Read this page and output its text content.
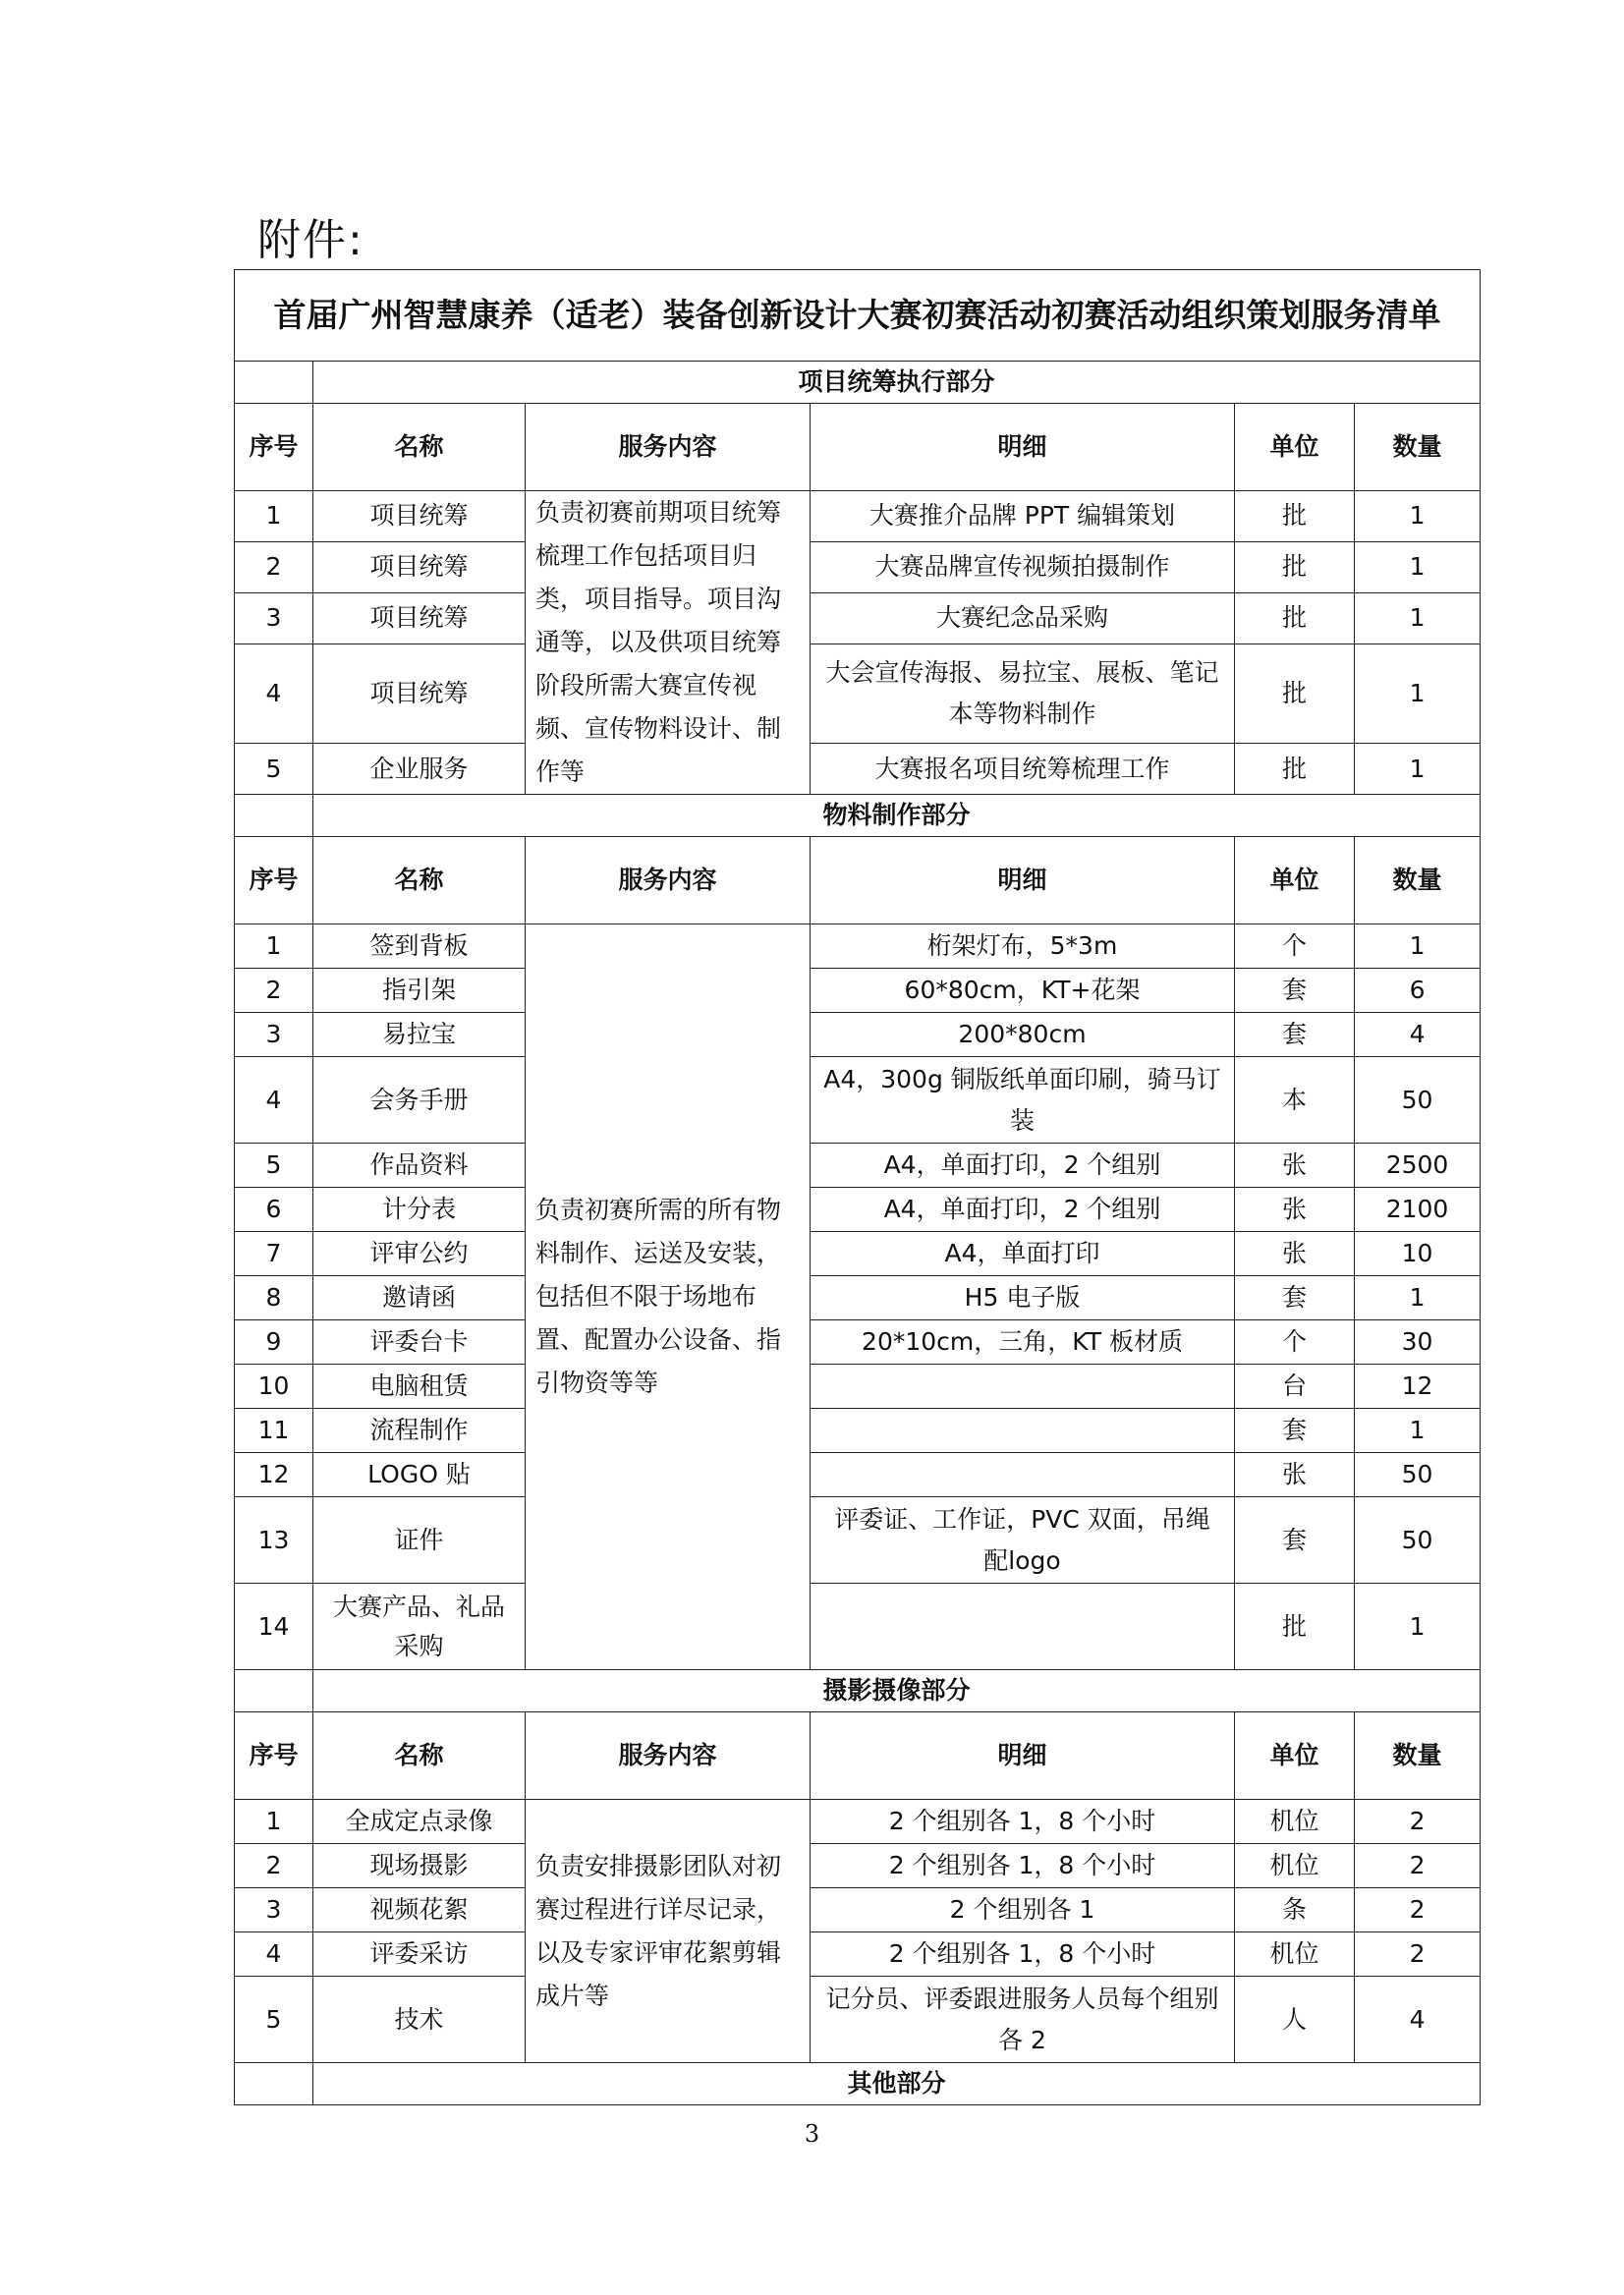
附件:
首届广州智慧康养（适老）装备创新设计大赛初赛活动初赛活动组织策划服务清单					
	项目统筹执行部分				
序号	名称	服务内容	明细	单位	数量
1	项目统筹	负责初赛前期项目统筹梳理工作包括项目归类，项目指导。项目沟通等，以及供项目统筹阶段所需大赛宣传视频、宣传物料设计、制作等	大赛推介品牌 PPT 编辑策划	批	1
2	项目统筹		大赛品牌宣传视频拍摄制作	批	1
3	项目统筹		大赛纪念品采购	批	1
4	项目统筹		大会宣传海报、易拉宝、展板、笔记本等物料制作	批	1
5	企业服务		大赛报名项目统筹梳理工作	批	1
	物料制作部分				
序号	名称	服务内容	明细	单位	数量
1	签到背板	负责初赛所需的所有物料制作、运送及安装，包括但不限于场地布置、配置办公设备、指引物资等等	桁架灯布，5*3m	个	1
2	指引架		60*80cm，KT+花架	套	6
3	易拉宝		200*80cm	套	4
4	会务手册		A4，300g 铜版纸单面印刷，骑马订装	本	50
5	作品资料		A4，单面打印，2 个组别	张	2500
6	计分表		A4，单面打印，2 个组别	张	2100
7	评审公约		A4，单面打印	张	10
8	邀请函		H5 电子版	套	1
9	评委台卡		20*10cm，三角，KT 板材质	个	30
10	电脑租赁			台	12
11	流程制作			套	1
12	LOGO 贴			张	50
13	证件		评委证、工作证，PVC 双面，吊绳配logo	套	50
14	大赛产品、礼品采购			批	1
	摄影摄像部分				
序号	名称	服务内容	明细	单位	数量
1	全成定点录像	负责安排摄影团队对初赛过程进行详尽记录，以及专家评审花絮剪辑成片等	2 个组别各 1，8 个小时	机位	2
2	现场摄影		2 个组别各 1，8 个小时	机位	2
3	视频花絮		2 个组别各 1	条	2
4	评委采访		2 个组别各 1，8 个小时	机位	2
5	技术		记分员、评委跟进服务人员每个组别各 2	人	4
	其他部分				
3
